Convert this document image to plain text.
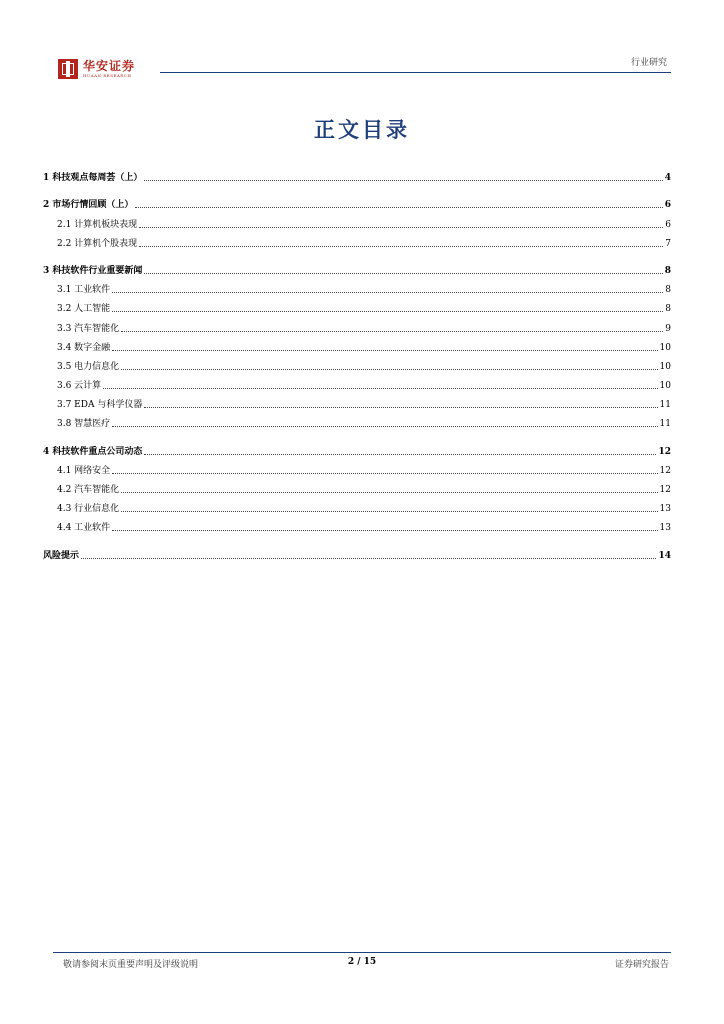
华安证券
HUAAN RESEARCH
行业研究
正文目录
1 科技观点每周荟（上）	4
2 市场行情回顾（上）	6
2.1 计算机板块表现	6
2.2 计算机个股表现	7
3 科技软件行业重要新闻	8
3.1 工业软件	8
3.2 人工智能	8
3.3 汽车智能化	9
3.4 数字金融	10
3.5 电力信息化	10
3.6 云计算	10
3.7 EDA 与科学仪器	11
3.8 智慧医疗	11
4 科技软件重点公司动态	12
4.1 网络安全	12
4.2 汽车智能化	12
4.3 行业信息化	13
4.4 工业软件	13
风险提示	14
敬请参阅末页重要声明及评级说明	2 / 15	证券研究报告
